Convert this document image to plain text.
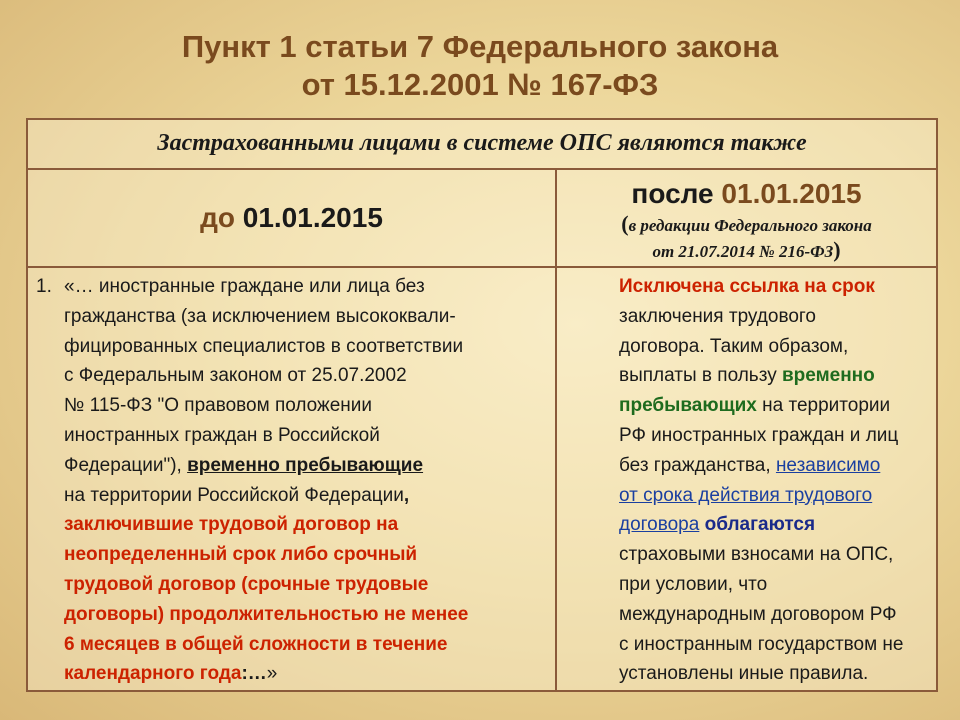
Пункт 1 статьи 7 Федерального закона
от 15.12.2001 № 167-ФЗ
Застрахованными лицами в системе ОПС являются также
до 01.01.2015
после 01.01.2015
(в редакции Федерального закона
от 21.07.2014 № 216-ФЗ)
1. «… иностранные граждане или лица без
гражданства (за исключением высококвали-
фицированных специалистов в соответствии
с Федеральным законом от 25.07.2002
№ 115-ФЗ "О правовом положении
иностранных граждан в Российской
Федерации"), временно пребывающие
на территории Российской Федерации,
заключившие трудовой договор на
неопределенный срок либо срочный
трудовой договор (срочные трудовые
договоры) продолжительностью не менее
6 месяцев в общей сложности в течение
календарного года:…»
Исключена ссылка на срок
заключения трудового
договора. Таким образом,
выплаты в пользу временно
пребывающих на территории
РФ иностранных граждан и лиц
без гражданства, независимо
от срока действия трудового
договора облагаются
страховыми взносами на ОПС,
при условии, что
международным договором РФ
с иностранным государством не
установлены иные правила.
